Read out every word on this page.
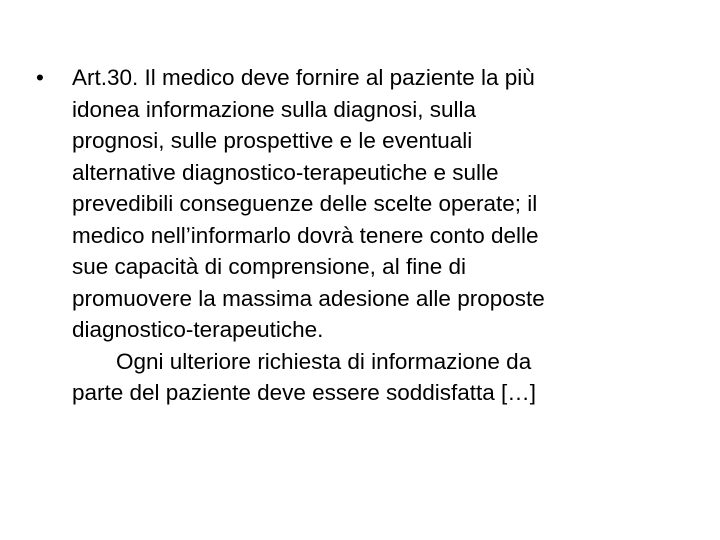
•	Art.30. Il medico deve fornire al paziente la più
idonea informazione sulla diagnosi, sulla
prognosi, sulle prospettive e le eventuali
alternative diagnostico-terapeutiche e sulle
prevedibili conseguenze delle scelte operate; il
medico nell’informarlo dovrà tenere conto delle
sue capacità di comprensione, al fine di
promuovere la massima adesione alle proposte
diagnostico-terapeutiche.
Ogni ulteriore richiesta di informazione da
parte del paziente deve essere soddisfatta […]
